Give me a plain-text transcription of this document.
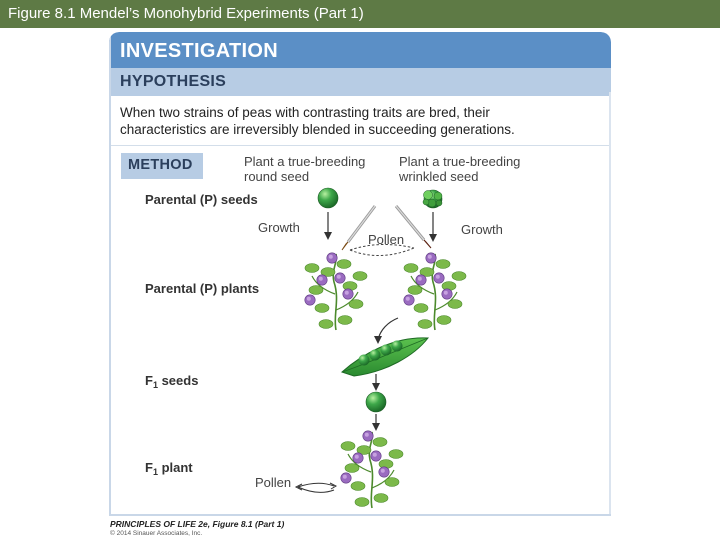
Figure 8.1 Mendel’s Monohybrid Experiments (Part 1)
INVESTIGATION
HYPOTHESIS
When two strains of peas with contrasting traits are bred, their
characteristics are irreversibly blended in succeeding generations.
METHOD	Plant a true-breeding
round seed
Plant a true-breeding
wrinkled seed
Parental (P) seeds
Parental (P) plants
$F_1$ seeds
$F_1$ plant
Growth	Growth
Pollen
Pollen
PRINCIPLES OF LIFE 2e, Figure 8.1 (Part 1)
© 2014 Sinauer Associates, Inc.
